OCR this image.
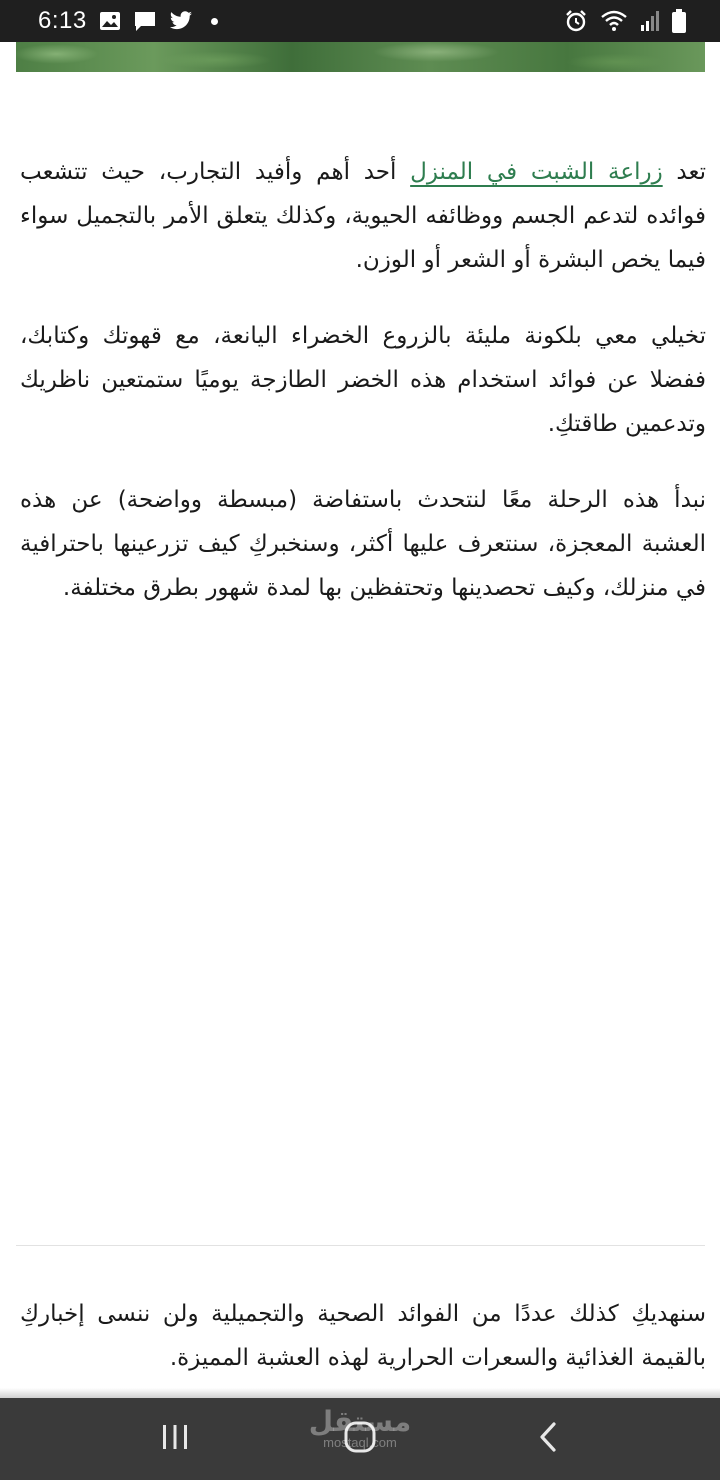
6:13

تعد زراعة الشبت في المنزل أحد أهم وأفيد التجارب، حيث تتشعب فوائده لتدعم الجسم ووظائفه الحيوية، وكذلك يتعلق الأمر بالتجميل سواء فيما يخص البشرة أو الشعر أو الوزن.

تخيلي معي بلكونة مليئة بالزروع الخضراء اليانعة، مع قهوتك وكتابك، ففضلا عن فوائد استخدام هذه الخضر الطازجة يوميًا ستمتعين ناظريك وتدعمين طاقتكِ.

نبدأ هذه الرحلة معًا لنتحدث باستفاضة (مبسطة وواضحة) عن هذه العشبة المعجزة، سنتعرف عليها أكثر، وسنخبركِ كيف تزرعينها باحترافية في منزلك، وكيف تحصدينها وتحتفظين بها لمدة شهور بطرق مختلفة.

سنهديكِ كذلك عددًا من الفوائد الصحية والتجميلية ولن ننسى إخباركِ بالقيمة الغذائية والسعرات الحرارية لهذه العشبة المميزة.

مستقل
mostaql.com
